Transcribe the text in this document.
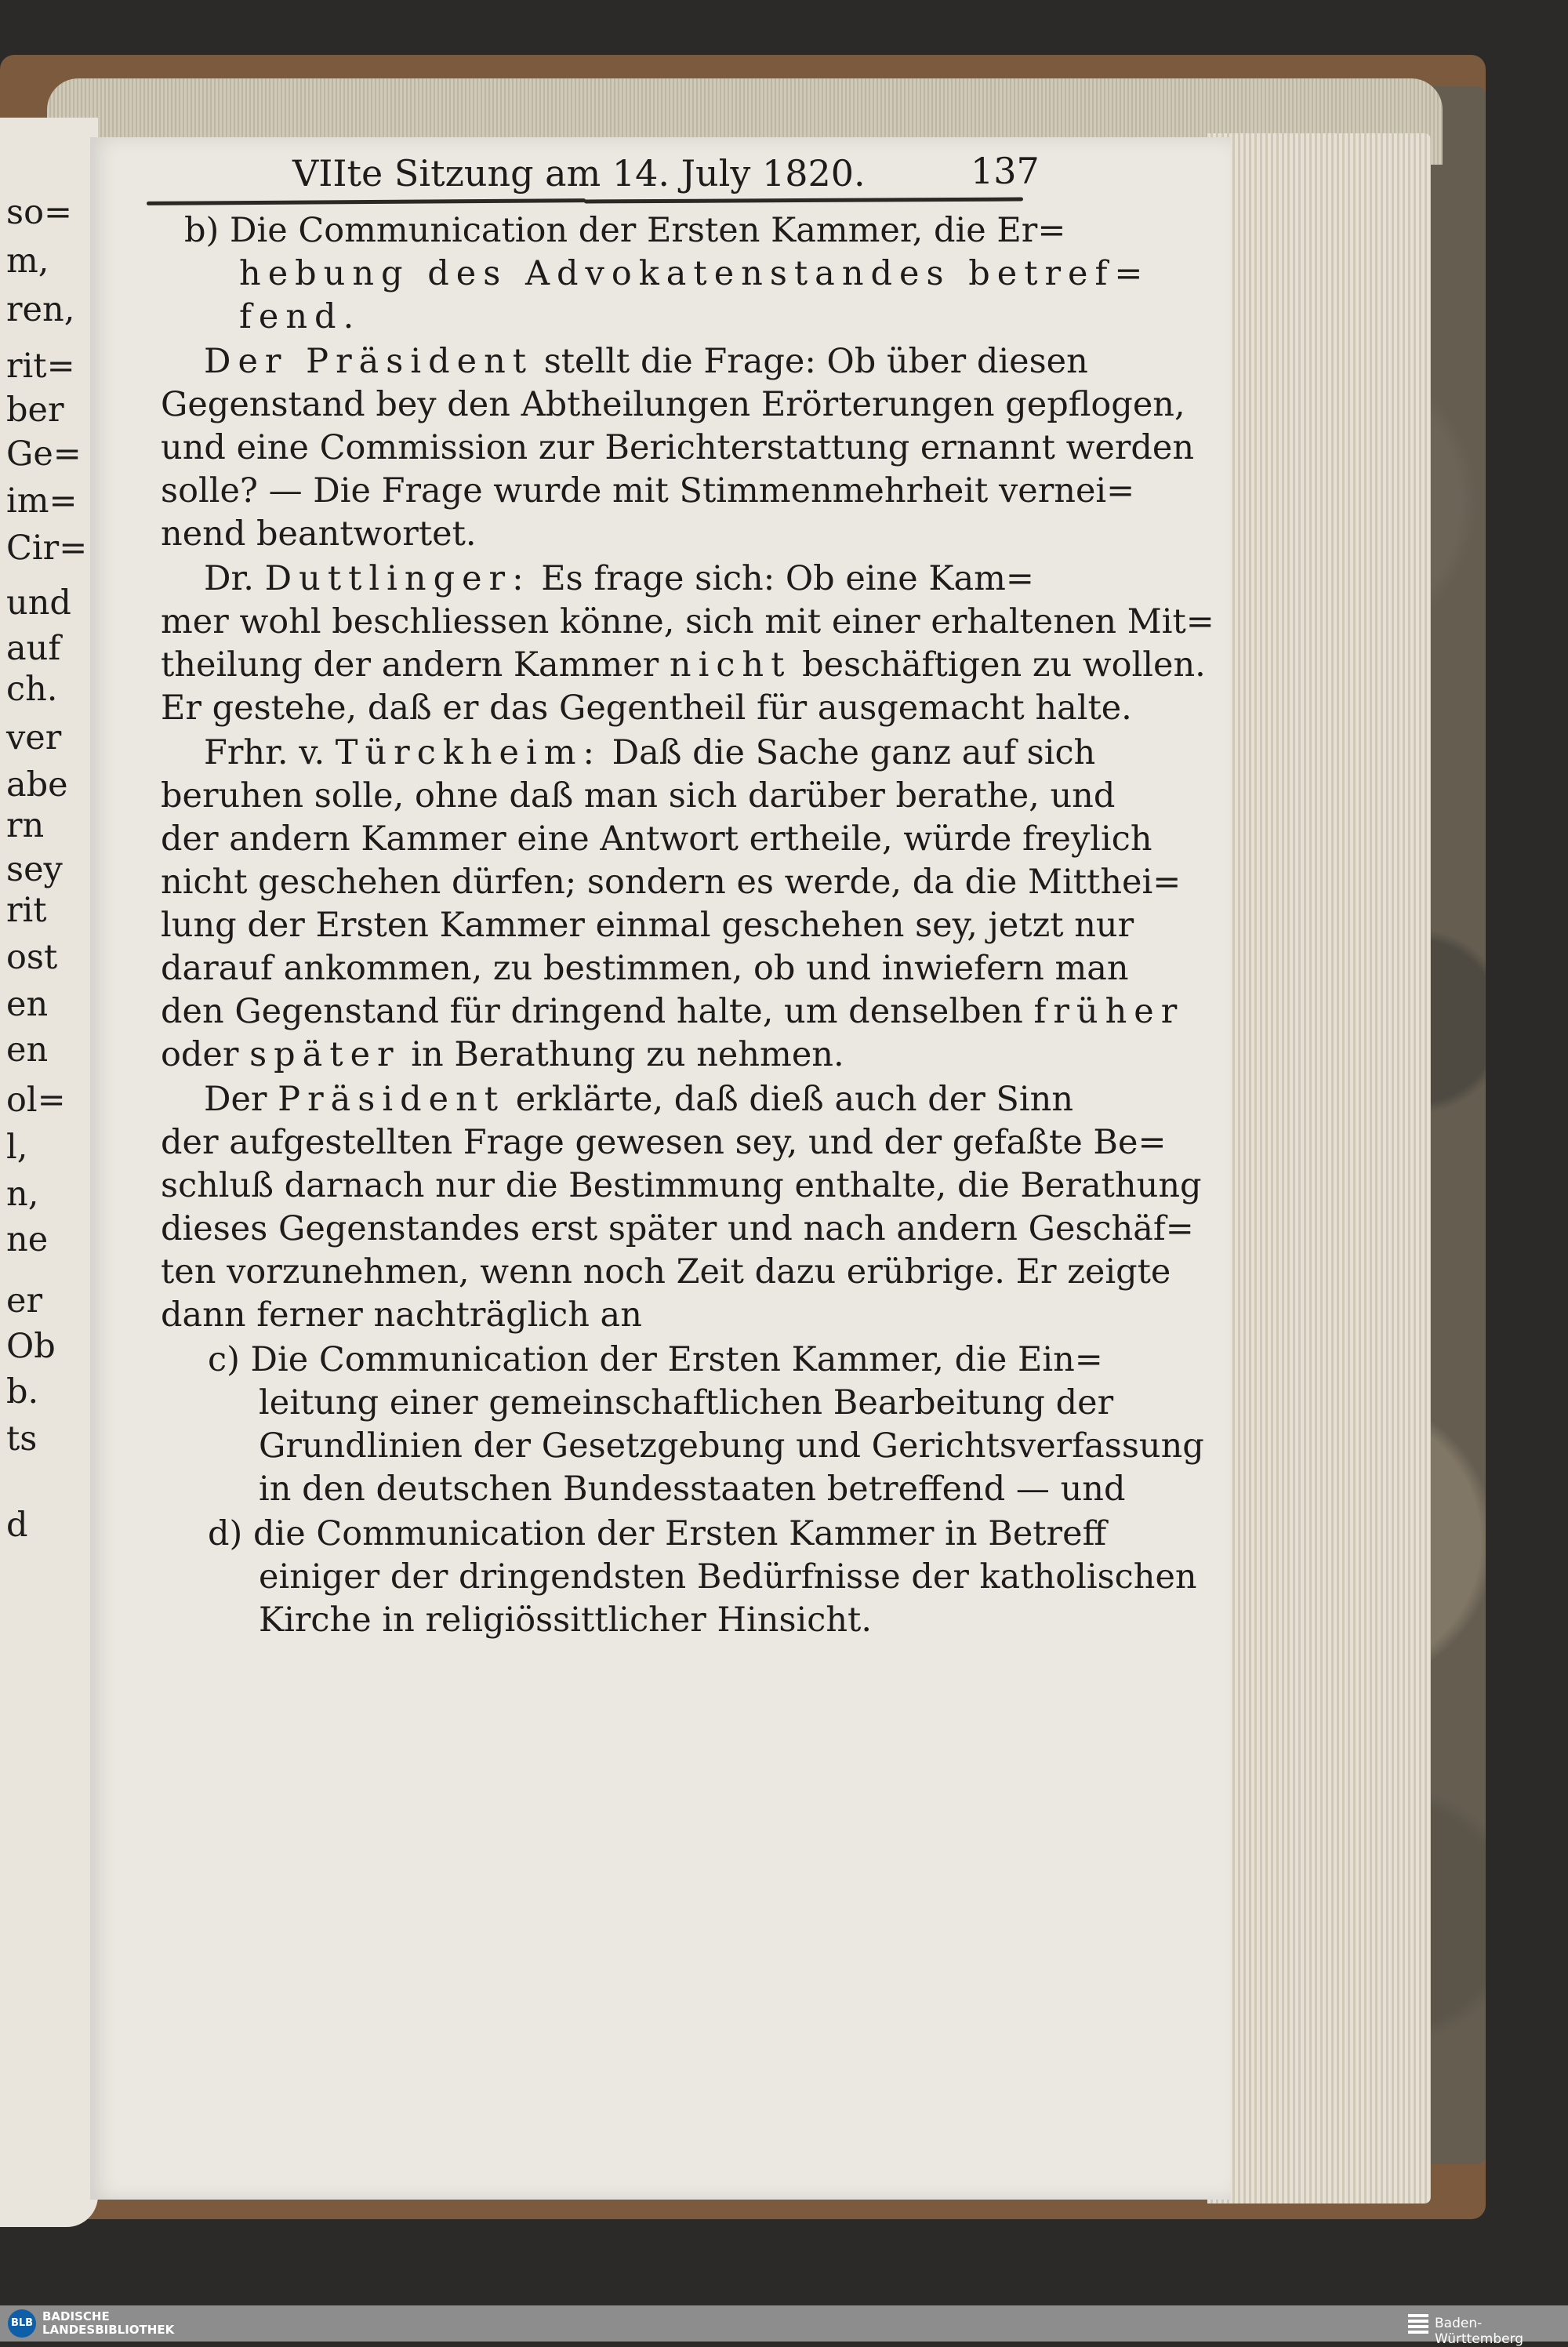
so=
m,
ren,
rit=
ber
Ge=
im=
Cir=
und
auf
ch.
ver
abe
rn
sey
rit
ost
en
en
ol=
l,
n,
ne
er
Ob
b.
ts
d
VIIte Sitzung am 14. July 1820.	137
b) Die Communication der Ersten Kammer, die Er=
hebung des Advokatenstandes betref=
fend.
Der Präsident stellt die Frage: Ob über diesen
Gegenstand bey den Abtheilungen Erörterungen gepflogen,
und eine Commission zur Berichterstattung ernannt werden
solle? — Die Frage wurde mit Stimmenmehrheit vernei=
nend beantwortet.
Dr. Duttlinger: Es frage sich: Ob eine Kam=
mer wohl beschliessen könne, sich mit einer erhaltenen Mit=
theilung der andern Kammer nicht beschäftigen zu wollen.
Er gestehe, daß er das Gegentheil für ausgemacht halte.
Frhr. v. Türckheim: Daß die Sache ganz auf sich
beruhen solle, ohne daß man sich darüber berathe, und
der andern Kammer eine Antwort ertheile, würde freylich
nicht geschehen dürfen; sondern es werde, da die Mitthei=
lung der Ersten Kammer einmal geschehen sey, jetzt nur
darauf ankommen, zu bestimmen, ob und inwiefern man
den Gegenstand für dringend halte, um denselben früher
oder später in Berathung zu nehmen.
Der Präsident erklärte, daß dieß auch der Sinn
der aufgestellten Frage gewesen sey, und der gefaßte Be=
schluß darnach nur die Bestimmung enthalte, die Berathung
dieses Gegenstandes erst später und nach andern Geschäf=
ten vorzunehmen, wenn noch Zeit dazu erübrige. Er zeigte
dann ferner nachträglich an
c) Die Communication der Ersten Kammer, die Ein=
leitung einer gemeinschaftlichen Bearbeitung der
Grundlinien der Gesetzgebung und Gerichtsverfassung
in den deutschen Bundesstaaten betreffend — und
d) die Communication der Ersten Kammer in Betreff
einiger der dringendsten Bedürfnisse der katholischen
Kirche in religiössittlicher Hinsicht.
BLB BADISCHE
LANDESBIBLIOTHEK	Baden-Württemberg
